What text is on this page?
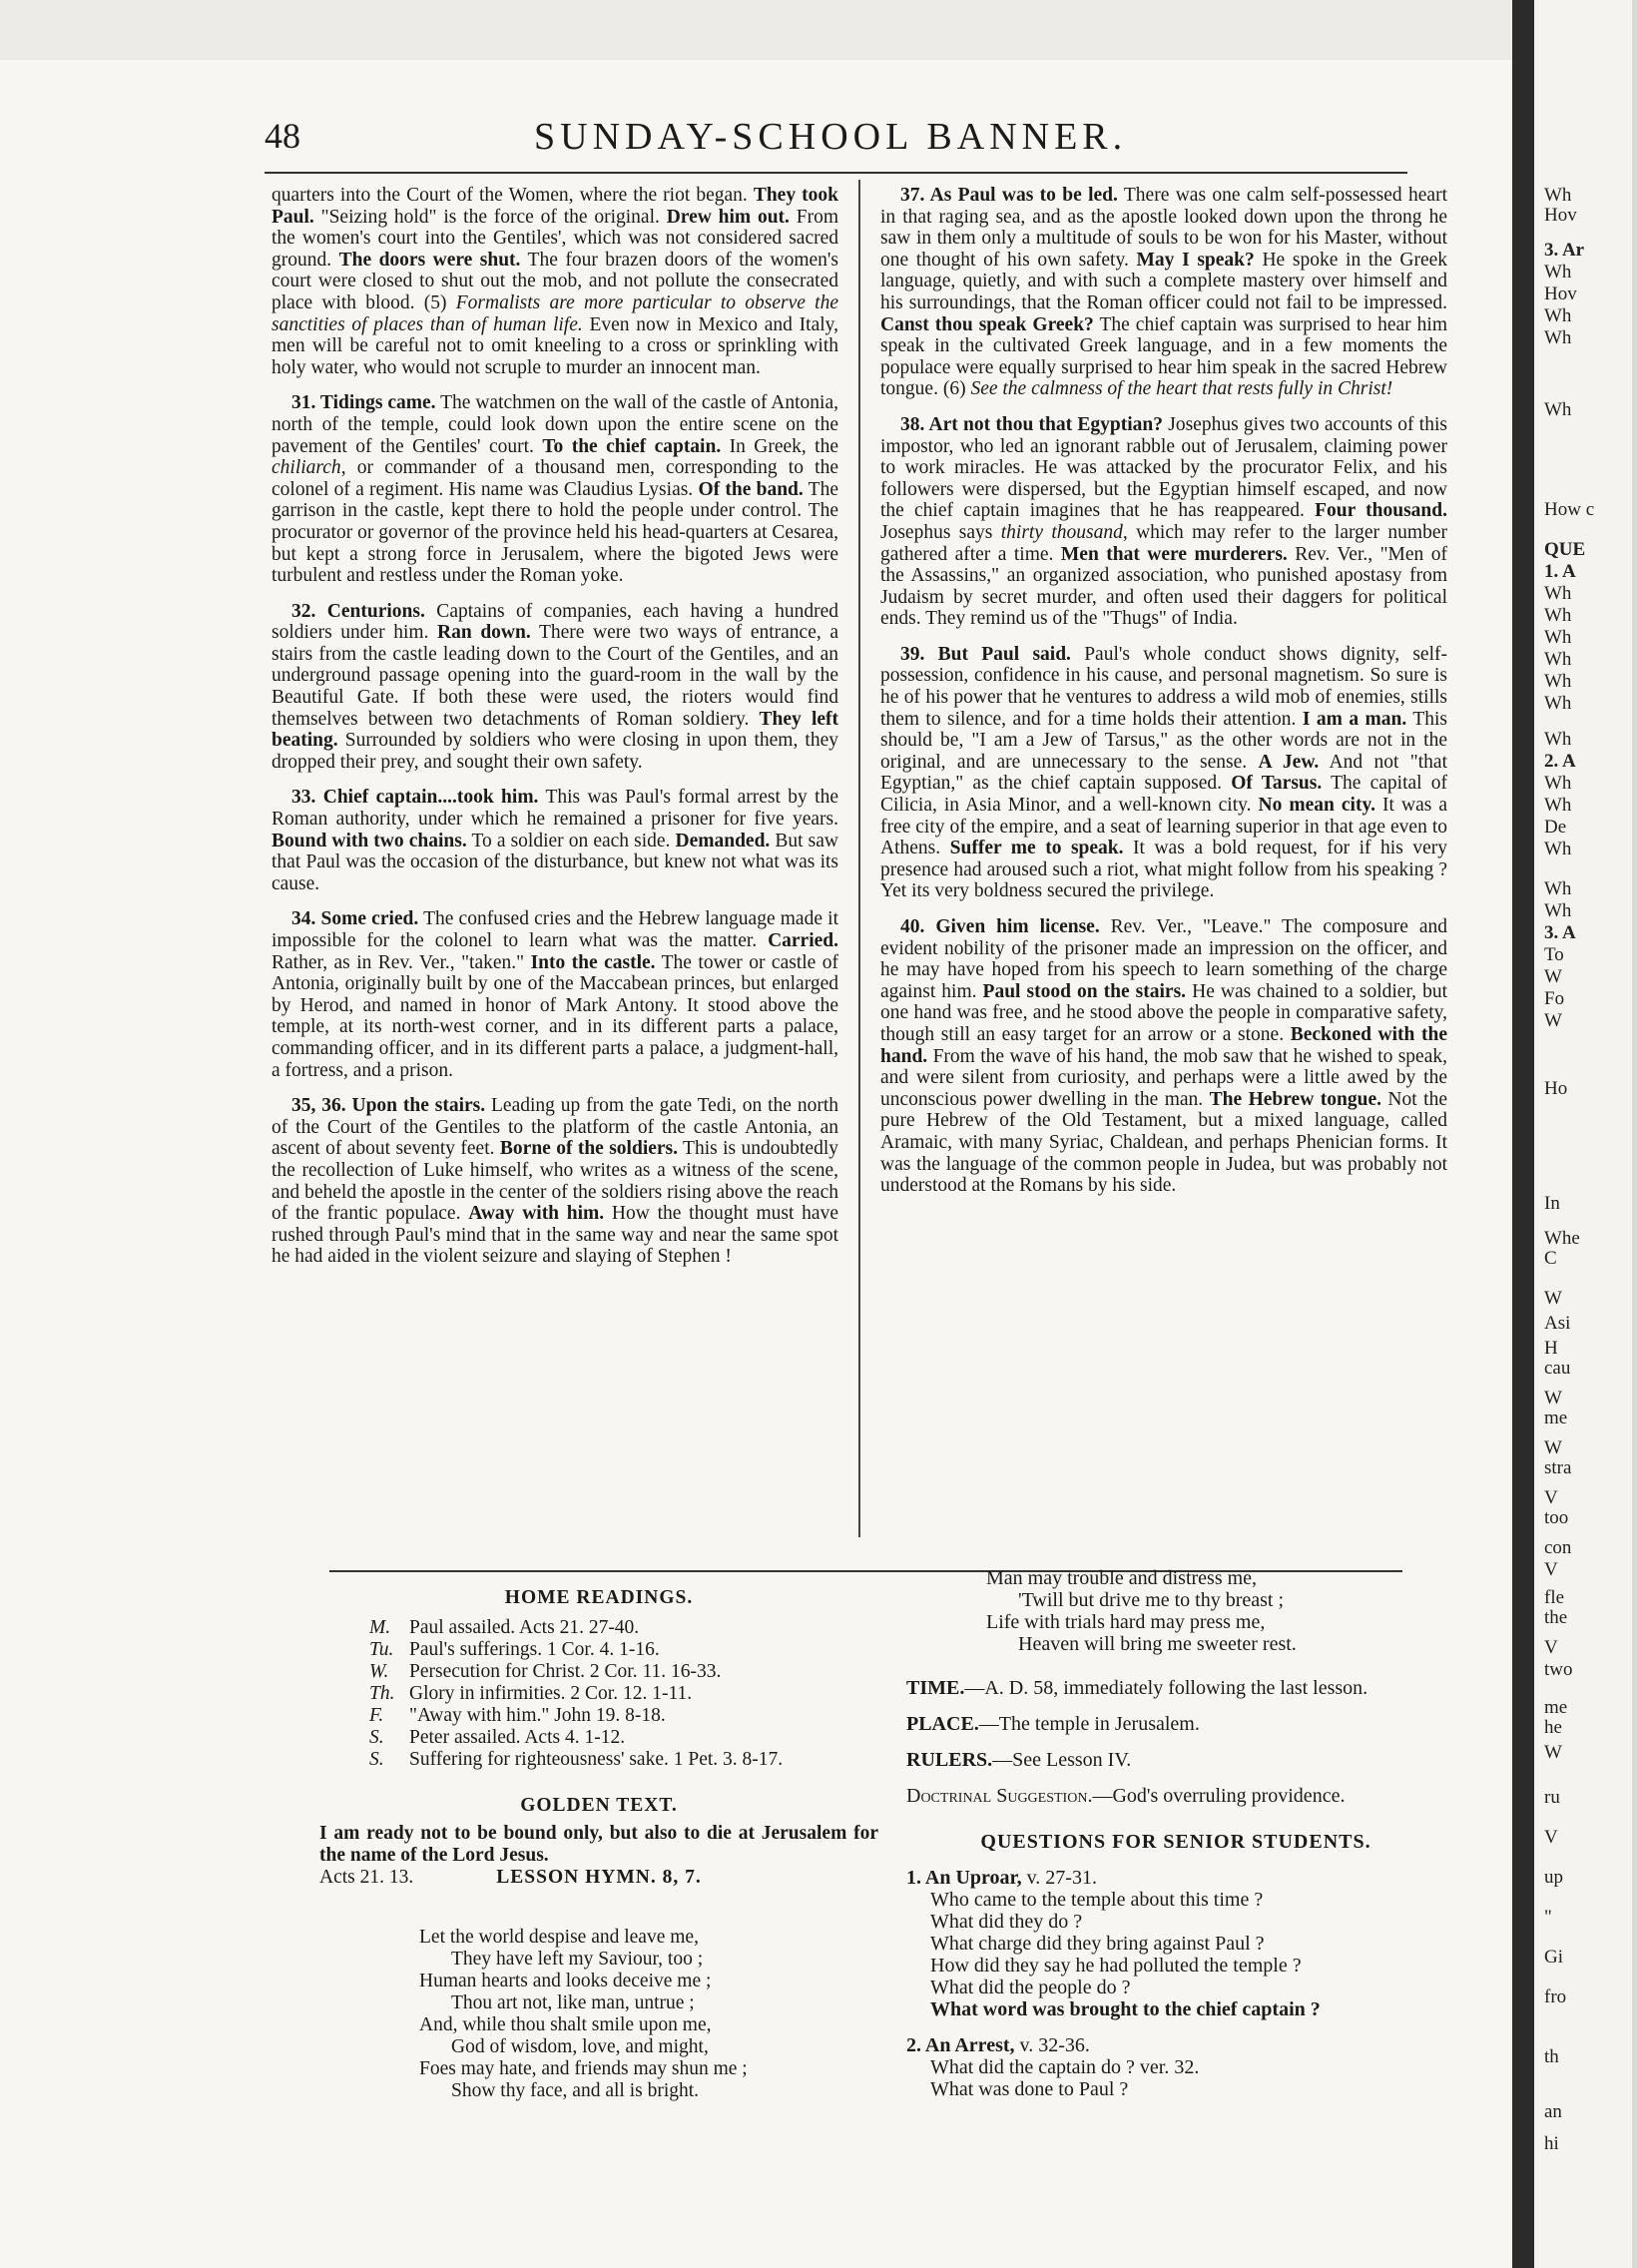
48	SUNDAY-SCHOOL BANNER.
quarters into the Court of the Women, where the riot began. They took Paul. "Seizing hold" is the force of the original. Drew him out. From the women's court into the Gentiles', which was not considered sacred ground. The doors were shut. The four brazen doors of the women's court were closed to shut out the mob, and not pollute the consecrated place with blood. (5) Formalists are more particular to observe the sanctities of places than of human life. Even now in Mexico and Italy, men will be careful not to omit kneeling to a cross or sprinkling with holy water, who would not scruple to murder an innocent man.
31. Tidings came. The watchmen on the wall of the castle of Antonia, north of the temple, could look down upon the entire scene on the pavement of the Gentiles' court. To the chief captain. In Greek, the chiliarch, or commander of a thousand men, corresponding to the colonel of a regiment. His name was Claudius Lysias. Of the band. The garrison in the castle, kept there to hold the people under control. The procurator or governor of the province held his head-quarters at Cesarea, but kept a strong force in Jerusalem, where the bigoted Jews were turbulent and restless under the Roman yoke.
32. Centurions. Captains of companies, each having a hundred soldiers under him. Ran down. There were two ways of entrance, a stairs from the castle leading down to the Court of the Gentiles, and an underground passage opening into the guard-room in the wall by the Beautiful Gate. If both these were used, the rioters would find themselves between two detachments of Roman soldiery. They left beating. Surrounded by soldiers who were closing in upon them, they dropped their prey, and sought their own safety.
33. Chief captain....took him. This was Paul's formal arrest by the Roman authority, under which he remained a prisoner for five years. Bound with two chains. To a soldier on each side. Demanded. But saw that Paul was the occasion of the disturbance, but knew not what was its cause.
34. Some cried. The confused cries and the Hebrew language made it impossible for the colonel to learn what was the matter. Carried. Rather, as in Rev. Ver., "taken." Into the castle. The tower or castle of Antonia, originally built by one of the Maccabean princes, but enlarged by Herod, and named in honor of Mark Antony. It stood above the temple, at its north-west corner, and in its different parts a palace, commanding officer, and in its different parts a palace, a judgment-hall, a fortress, and a prison.
35, 36. Upon the stairs. Leading up from the gate Tedi, on the north of the Court of the Gentiles to the platform of the castle Antonia, an ascent of about seventy feet. Borne of the soldiers. This is undoubtedly the recollection of Luke himself, who writes as a witness of the scene, and beheld the apostle in the center of the soldiers rising above the reach of the frantic populace. Away with him. How the thought must have rushed through Paul's mind that in the same way and near the same spot he had aided in the violent seizure and slaying of Stephen !
37. As Paul was to be led. There was one calm self-possessed heart in that raging sea, and as the apostle looked down upon the throng he saw in them only a multitude of souls to be won for his Master, without one thought of his own safety. May I speak? He spoke in the Greek language, quietly, and with such a complete mastery over himself and his surroundings, that the Roman officer could not fail to be impressed. Canst thou speak Greek? The chief captain was surprised to hear him speak in the cultivated Greek language, and in a few moments the populace were equally surprised to hear him speak in the sacred Hebrew tongue. (6) See the calmness of the heart that rests fully in Christ!
38. Art not thou that Egyptian? Josephus gives two accounts of this impostor, who led an ignorant rabble out of Jerusalem, claiming power to work miracles. He was attacked by the procurator Felix, and his followers were dispersed, but the Egyptian himself escaped, and now the chief captain imagines that he has reappeared. Four thousand. Josephus says thirty thousand, which may refer to the larger number gathered after a time. Men that were murderers. Rev. Ver., "Men of the Assassins," an organized association, who punished apostasy from Judaism by secret murder, and often used their daggers for political ends. They remind us of the "Thugs" of India.
39. But Paul said. Paul's whole conduct shows dignity, self-possession, confidence in his cause, and personal magnetism. So sure is he of his power that he ventures to address a wild mob of enemies, stills them to silence, and for a time holds their attention. I am a man. This should be, "I am a Jew of Tarsus," as the other words are not in the original, and are unnecessary to the sense. A Jew. And not "that Egyptian," as the chief captain supposed. Of Tarsus. The capital of Cilicia, in Asia Minor, and a well-known city. No mean city. It was a free city of the empire, and a seat of learning superior in that age even to Athens. Suffer me to speak. It was a bold request, for if his very presence had aroused such a riot, what might follow from his speaking ? Yet its very boldness secured the privilege.
40. Given him license. Rev. Ver., "Leave." The composure and evident nobility of the prisoner made an impression on the officer, and he may have hoped from his speech to learn something of the charge against him. Paul stood on the stairs. He was chained to a soldier, but one hand was free, and he stood above the people in comparative safety, though still an easy target for an arrow or a stone. Beckoned with the hand. From the wave of his hand, the mob saw that he wished to speak, and were silent from curiosity, and perhaps were a little awed by the unconscious power dwelling in the man. The Hebrew tongue. Not the pure Hebrew of the Old Testament, but a mixed language, called Aramaic, with many Syriac, Chaldean, and perhaps Phenician forms. It was the language of the common people in Judea, but was probably not understood at the Romans by his side.
HOME READINGS.
M. Paul assailed. Acts 21. 27-40.
Tu. Paul's sufferings. 1 Cor. 4. 1-16.
W. Persecution for Christ. 2 Cor. 11. 16-33.
Th. Glory in infirmities. 2 Cor. 12. 1-11.
F. "Away with him." John 19. 8-18.
S. Peter assailed. Acts 4. 1-12.
S. Suffering for righteousness' sake. 1 Pet. 3. 8-17.
GOLDEN TEXT.
I am ready not to be bound only, but also to die at Jerusalem for the name of the Lord Jesus.
Acts 21. 13.	LESSON HYMN. 8, 7.
Let the world despise and leave me,
They have left my Saviour, too ;
Human hearts and looks deceive me ;
Thou art not, like man, untrue ;
And, while thou shalt smile upon me,
God of wisdom, love, and might,
Foes may hate, and friends may shun me ;
Show thy face, and all is bright.
Man may trouble and distress me,
'Twill but drive me to thy breast ;
Life with trials hard may press me,
Heaven will bring me sweeter rest.
TIME.—A. D. 58, immediately following the last lesson.
PLACE.—The temple in Jerusalem.
RULERS.—See Lesson IV.
Doctrinal Suggestion.—God's overruling providence.
QUESTIONS FOR SENIOR STUDENTS.
1. An Uproar, v. 27-31.
Who came to the temple about this time ?
What did they do ?
What charge did they bring against Paul ?
How did they say he had polluted the temple ?
What did the people do ?
What word was brought to the chief captain ?
2. An Arrest, v. 32-36.
What did the captain do ? ver. 32.
What was done to Paul ?
Wh
Hov
3. Ar
Wh
Hov
Wh
Wh
Wh
How c
QUE
1. A
Wh
Wh
Wh
Wh
Wh
Wh
Wh
2. A
Wh
Wh
De
Wh
Wh
Wh
3. A
To
W
Fo
W
Ho
In
Whe
C
W
Asi
H
cau
W
me
W
stra
V
too
con
V
fle
the
V
two
me
he
W
ru
V
up
"
Gi
fro
th
an
hi
